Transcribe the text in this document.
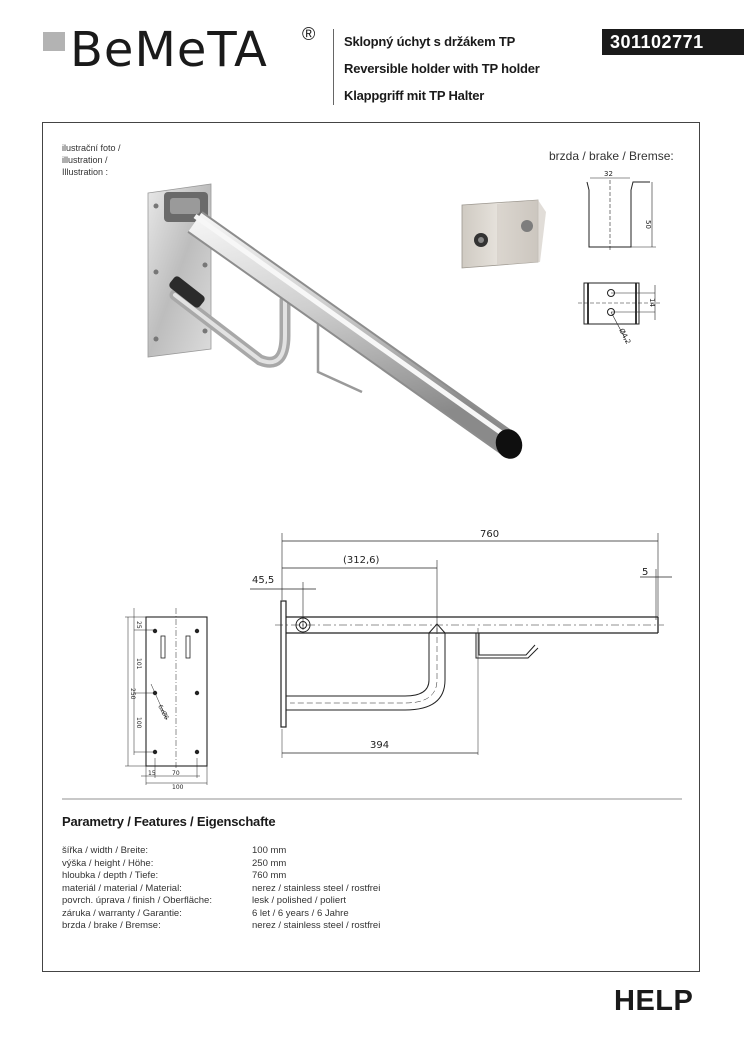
BeMeTA ® Sklopný úchyt s držákem TP
Reversible holder with TP holder
Klappgriff mit TP Halter
301102771
ilustrační foto /
illustration /
Illustration :
brzda / brake / Bremse:
32
50
14
Ø4,2
760
(312,6)
45,5
5
394
25
101
250
100
6xØ6
15	70
100
Parametry / Features / Eigenschafte
šířka / width / Breite:	100 mm
výška / height / Höhe:	250 mm
hloubka / depth / Tiefe:	760 mm
materiál / material / Material:	nerez / stainless steel / rostfrei
povrch. úprava / finish / Oberfläche:	lesk / polished / poliert
záruka / warranty / Garantie:	6 let / 6 years / 6 Jahre
brzda / brake / Bremse:	nerez / stainless steel / rostfrei
HELP
